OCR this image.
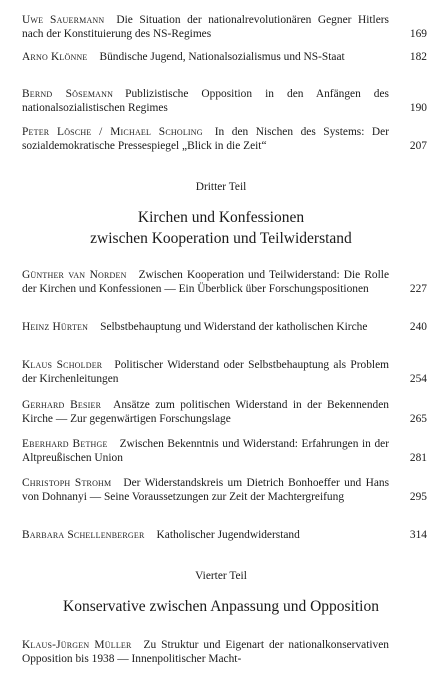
Uwe Sauermann Die Situation der nationalrevolutionären Gegner Hitlers nach der Konstituierung des NS-Regimes	169
Arno Klönne Bündische Jugend, Nationalsozialismus und NS-Staat	182
Bernd Sösemann Publizistische Opposition in den Anfängen des nationalsozialistischen Regimes	190
Peter Lösche / Michael Scholing In den Nischen des Systems: Der sozialdemokratische Pressespiegel „Blick in die Zeit“	207
Dritter Teil
Kirchen und Konfessionen
zwischen Kooperation und Teilwiderstand
Günther van Norden Zwischen Kooperation und Teilwiderstand: Die Rolle der Kirchen und Konfessionen — Ein Überblick über Forschungspositionen	227
Heinz Hürten Selbstbehauptung und Widerstand der katholischen Kirche	240
Klaus Scholder Politischer Widerstand oder Selbstbehauptung als Problem der Kirchenleitungen	254
Gerhard Besier Ansätze zum politischen Widerstand in der Bekennenden Kirche — Zur gegenwärtigen Forschungslage	265
Eberhard Bethge Zwischen Bekenntnis und Widerstand: Erfahrungen in der Altpreußischen Union	281
Christoph Strohm Der Widerstandskreis um Dietrich Bonhoeffer und Hans von Dohnanyi — Seine Voraussetzungen zur Zeit der Machtergreifung	295
Barbara Schellenberger Katholischer Jugendwiderstand	314
Vierter Teil
Konservative zwischen Anpassung und Opposition
Klaus-Jürgen Müller Zu Struktur und Eigenart der nationalkonservativen Opposition bis 1938 — Innenpolitischer Macht-
